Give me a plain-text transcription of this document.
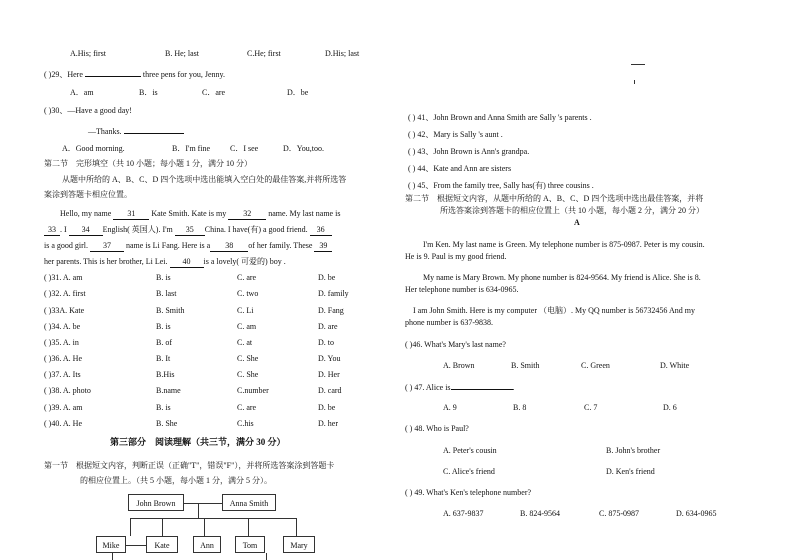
A.His; first	B. He; last	C.He; first	D.His; last
( )29、Here	three pens for you, Jenny.
A．am	B．is	C．are	D．be
( )30、—Have a good day!
—Thanks.
A．Good morning.	B．I'm fine C．I see	D．You,too.
第二节　完形填空（共 10 小题；每小题 1 分，满分 10 分）
从题中所给的 A、B、C、D 四个选项中选出能填入空白处的最佳答案,并将所选答
案涂到答题卡相应位置。
Hello, my name 31 Kate Smith. Kate is my 32 name. My last name is
33 . I 34 English( 英国人). I'm 35 China. I have(有) a good friend. 36
is a good girl. 37 name is Li Fang. Here is a 38 of her family. These 39
her parents. This is her brother, Li Lei. 40 is a lovely( 可爱的) boy .
( )31. A. am	B. is	C. are	D. be
( )32. A. first	B. last	C. two	D. family
( )33A. Kate	B. Smith	C. Li	D. Fang
( )34. A. be	B. is	C. am	D. are
( )35. A. in	B. of	C. at	D. to
( )36. A. He	B. It	C. She	D. You
( )37. A. Its	B.His	C. She	D. Her
( )38. A. photo	B.name	C.number	D. card
( )39. A. am	B. is	C. are	D. be
( )40. A. He	B. She	C.his	D. her
第三部分　阅读理解（共三节，满分 30 分）
第一节　根据短文内容，判断正误（正确"T"，错误"F"），并将所选答案涂到答题卡
的相应位置上。（共 5 小题，每小题 1 分，满分 5 分）。
John Brown	Anna Smith
Mike	Kate	Ann	Tom	Mary
( ) 41、John Brown and Anna Smith are Sally 's parents .
( ) 42、Mary is Sally 's aunt .
( ) 43、John Brown is Ann's grandpa.
( ) 44、Kate and Ann are sisters
( ) 45、From the family tree, Sally has(有) three cousins .
第二节　根据短文内容，从题中所给的 A、B、C、D 四个选项中选出最佳答案，并将
所选答案涂到答题卡的相应位置上（共 10 小题，每小题 2 分，满分 20 分）
A
I'm Ken. My last name is Green. My telephone number is 875-0987. Peter is my cousin.
He is 9. Paul is my good friend.
My name is Mary Brown. My phone number is 824-9564. My friend is Alice. She is 8.
Her telephone number is 634-0965.
I am John Smith. Here is my computer （电脑）. My QQ number is 56732456 And my
phone number is 637-9838.
( )46. What's Mary's last name?
A. Brown	B. Smith	C. Green	D. White
( ) 47. Alice is	.
A. 9	B. 8	C. 7	D. 6
( ) 48. Who is Paul?
A. Peter's cousin	B. John's brother
C. Alice's friend	D. Ken's friend
( ) 49. What's Ken's telephone number?
A. 637-9837	B. 824-9564	C. 875-0987	D. 634-0965
